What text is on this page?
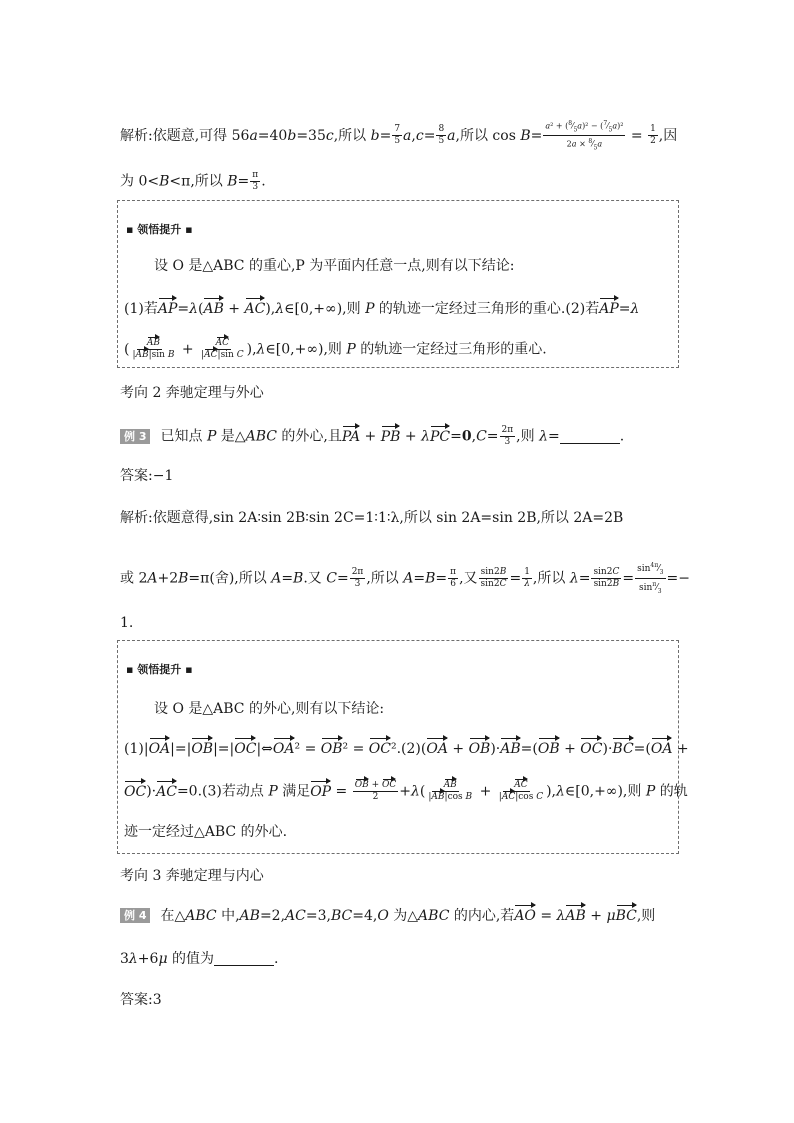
解析:依题意,可得 56a=40b=35c,所以 $b= \frac{7}{5} a,c= \frac{8}{5} a$,所以 $\cos B= \frac{a^2 + (^8⁄_5a)^2 - (^7⁄_5a)^2}{2a \times ^8⁄_5a} = \frac{1}{2}$ ,因
为 0<B<π,所以 $B= \frac{\pi}{3}$ .
▪ 领悟提升 ▪
设 O 是△ABC 的重心,P 为平面内任意一点,则有以下结论:
(1)若AP=λ(AB + AC),λ∈[0,+∞),则 P 的轨迹一定经过三角形的重心.(2)若AP=λ
( $\frac{AB}{\text{|AB|sin B}} + \frac{AC}{\text{|AC|sin C}}$ ),λ∈[0,+∞),则 P 的轨迹一定经过三角形的重心.
考向 2 奔驰定理与外心
例 3 已知点 P 是△ABC 的外心,且PA + PB + $\lambda PC=0,C= \frac{2\pi}{3}$ ,则 λ=	.
答案:−1
解析:依题意得,sin 2A∶sin 2B∶sin 2C=1∶1∶λ,所以 sin 2A=sin 2B,所以 2A=2B
或 2A+2B=π(舍),所以 A=B.又 $C= \frac{2\pi}{3}$ ,所以 $A=B= \frac{\pi}{6}$ ,又 $\frac{\sin 2B}{\sin 2C} = \frac{1}{\lambda}$ ,所以 $\lambda= \frac{\sin 2C}{\sin 2B} = \frac{\sin^{4\pi}⁄_3}{\sin^\pi⁄_3}$ =−
1.
▪ 领悟提升 ▪
设 O 是△ABC 的外心,则有以下结论:
(1)|OA|=|OB|=|OC|⇔OA² = OB² = OC².(2)(OA + OB)·AB=(OB + OC)·BC=(OA +
OC)·AC=0.(3)若动点 P 满足OP = $\frac{OB + OC}{2} +\lambda( \frac{AB}{\text{|AB|cos B}} + \frac{AC}{\text{|AC|cos C}}$ ),λ∈[0,+∞),则 P 的轨
迹一定经过△ABC 的外心.
考向 3 奔驰定理与内心
例 4 在△ABC 中,AB=2,AC=3,BC=4,O 为△ABC 的内心,若AO = λAB + μBC,则
3λ+6μ 的值为	.
答案:3
